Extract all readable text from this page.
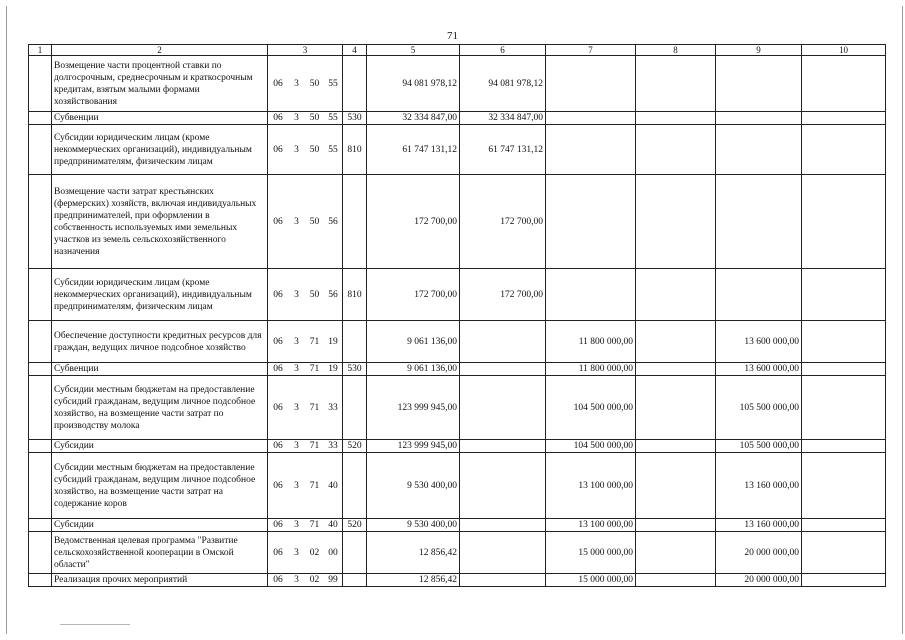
71
1	2	3	4	5	6	7	8	9	10
	Возмещение части процентной ставки по долгосрочным, среднесрочным и краткосрочным кредитам, взятым малыми формами хозяйствования	06 3 50 55		94 081 978,12	94 081 978,12				
	Субвенции	06 3 50 55	530	32 334 847,00	32 334 847,00				
	Субсидии юридическим лицам (кроме некоммерческих организаций), индивидуальным предпринимателям, физическим лицам	06 3 50 55	810	61 747 131,12	61 747 131,12				
	Возмещение части затрат крестьянских (фермерских) хозяйств, включая индивидуальных предпринимателей, при оформлении в собственность используемых ими земельных участков из земель сельскохозяйственного назначения	06 3 50 56		172 700,00	172 700,00				
	Субсидии юридическим лицам (кроме некоммерческих организаций), индивидуальным предпринимателям, физическим лицам	06 3 50 56	810	172 700,00	172 700,00				
	Обеспечение доступности кредитных ресурсов для граждан, ведущих личное подсобное хозяйство	06 3 71 19		9 061 136,00		11 800 000,00		13 600 000,00	
	Субвенции	06 3 71 19	530	9 061 136,00		11 800 000,00		13 600 000,00	
	Субсидии местным бюджетам на предоставление субсидий гражданам, ведущим личное подсобное хозяйство, на возмещение части затрат по производству молока	06 3 71 33		123 999 945,00		104 500 000,00		105 500 000,00	
	Субсидии	06 3 71 33	520	123 999 945,00		104 500 000,00		105 500 000,00	
	Субсидии местным бюджетам на предоставление субсидий гражданам, ведущим личное подсобное хозяйство, на возмещение части затрат на содержание коров	06 3 71 40		9 530 400,00		13 100 000,00		13 160 000,00	
	Субсидии	06 3 71 40	520	9 530 400,00		13 100 000,00		13 160 000,00	
	Ведомственная целевая программа "Развитие сельскохозяйственной кооперации в Омской области"	06 3 02 00		12 856,42		15 000 000,00		20 000 000,00	
	Реализация прочих мероприятий	06 3 02 99		12 856,42		15 000 000,00		20 000 000,00	
